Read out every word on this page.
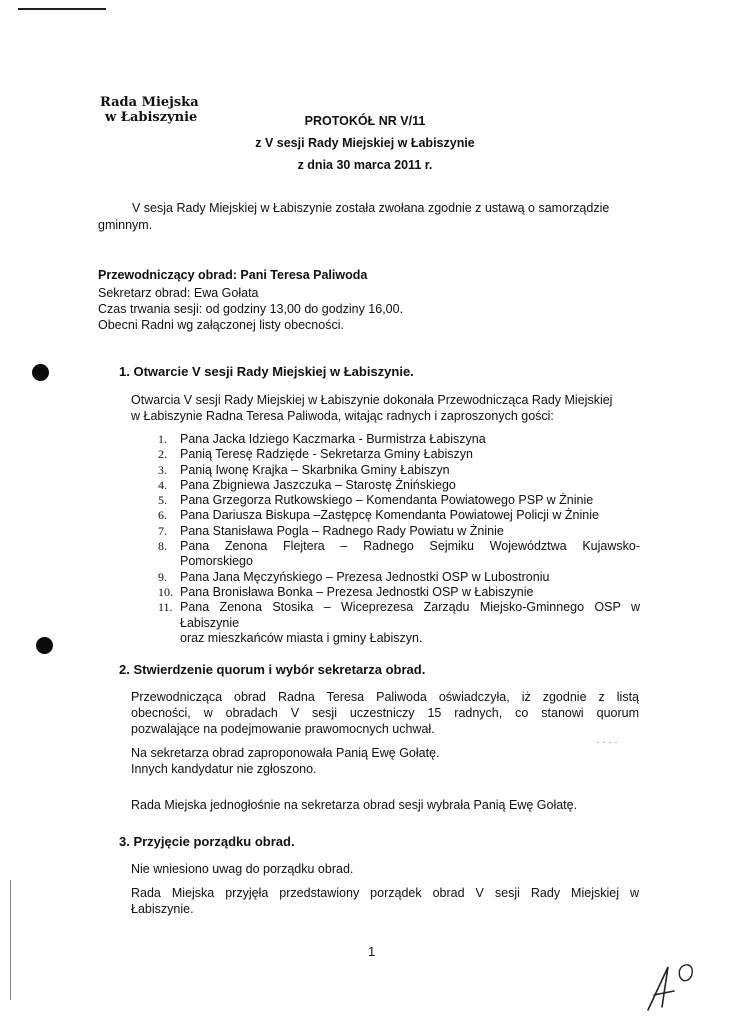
Rada Miejska
w Łabiszynie	PROTOKÓŁ NR V/11
z V sesji Rady Miejskiej w Łabiszynie
z dnia 30 marca 2011 r.
V sesja Rady Miejskiej w Łabiszynie została zwołana zgodnie z ustawą o samorządzie
gminnym.
Przewodniczący obrad: Pani Teresa Paliwoda
Sekretarz obrad: Ewa Gołata
Czas trwania sesji: od godziny 13,00 do godziny 16,00.
Obecni Radni wg załączonej listy obecności.
1. Otwarcie V sesji Rady Miejskiej w Łabiszynie.
Otwarcia V sesji Rady Miejskiej w Łabiszynie dokonała Przewodnicząca Rady Miejskiej
w Łabiszynie Radna Teresa Paliwoda, witając radnych i zaproszonych gości:
1. Pana Jacka Idziego Kaczmarka - Burmistrza Łabiszyna
2. Panią Teresę Radzięde - Sekretarza Gminy Łabiszyn
3. Panią Iwonę Krajka – Skarbnika Gminy Łabiszyn
4. Pana Zbigniewa Jaszczuka – Starostę Żnińskiego
5. Pana Grzegorza Rutkowskiego – Komendanta Powiatowego PSP w Żninie
6. Pana Dariusza Biskupa –Zastępcę Komendanta Powiatowej Policji w Żninie
7. Pana Stanisława Pogla – Radnego Rady Powiatu w Żninie
8. Pana Zenona Flejtera – Radnego Sejmiku Województwa Kujawsko-
Pomorskiego
9. Pana Jana Męczyńskiego – Prezesa Jednostki OSP w Lubostroniu
10. Pana Bronisława Bonka – Prezesa Jednostki OSP w Łabiszynie
11. Pana Zenona Stosika – Wiceprezesa Zarządu Miejsko-Gminnego OSP w
Łabiszynie
oraz mieszkańców miasta i gminy Łabiszyn.
2. Stwierdzenie quorum i wybór sekretarza obrad.
Przewodnicząca obrad Radna Teresa Paliwoda oświadczyła, iż zgodnie z listą
obecności, w obradach V sesji uczestniczy 15 radnych, co stanowi quorum
pozwalające na podejmowanie prawomocnych uchwał.
· · · ·
Na sekretarza obrad zaproponowała Panią Ewę Gołatę.
Innych kandydatur nie zgłoszono.
Rada Miejska jednogłośnie na sekretarza obrad sesji wybrała Panią Ewę Gołatę.
3. Przyjęcie porządku obrad.
Nie wniesiono uwag do porządku obrad.
Rada Miejska przyjęła przedstawiony porządek obrad V sesji Rady Miejskiej w
Łabiszynie.
1
